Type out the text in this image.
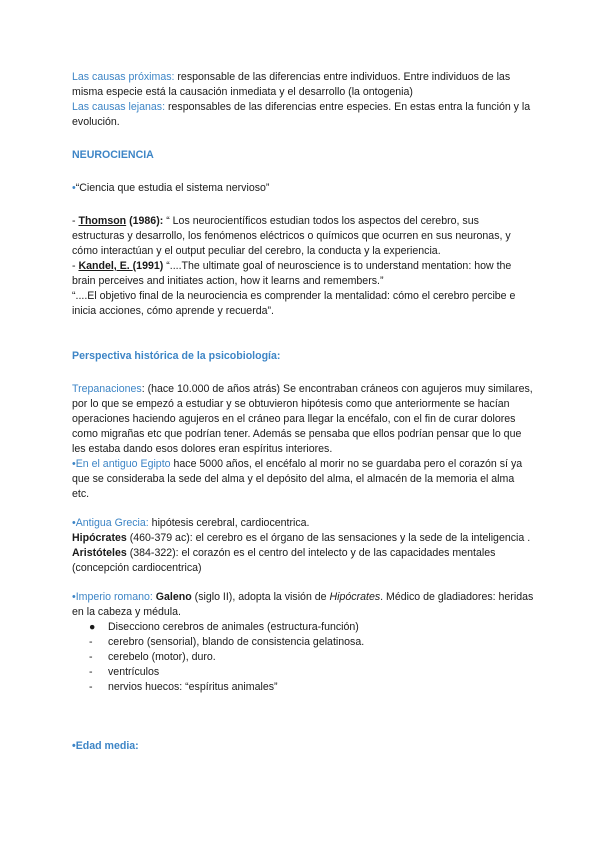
Las causas próximas: responsable de las diferencias entre individuos. Entre individuos de las misma especie está la causación inmediata y el desarrollo (la ontogenia)

Las causas lejanas: responsables de las diferencias entre especies. En estas entra la función y la evolución.

NEUROCIENCIA

•“Ciencia que estudia el sistema nervioso”

- Thomson (1986): “ Los neurocientíficos estudian todos los aspectos del cerebro, sus estructuras y desarrollo, los fenómenos eléctricos o químicos que ocurren en sus neuronas, y cómo interactúan y el output peculiar del cerebro, la conducta y la experiencia.

- Kandel, E. (1991) “....The ultimate goal of neuroscience is to understand mentation: how the brain perceives and initiates action, how it learns and remembers.”

“....El objetivo final de la neurociencia es comprender la mentalidad: cómo el cerebro percibe e inicia acciones, cómo aprende y recuerda”.

Perspectiva histórica de la psicobiología:

Trepanaciones: (hace 10.000 de años atrás) Se encontraban cráneos con agujeros muy similares, por lo que se empezó a estudiar y se obtuvieron hipótesis como que anteriormente se hacían operaciones haciendo agujeros en el cráneo para llegar la encéfalo, con el fin de curar dolores como migrañas etc que podrían tener. Además se pensaba que ellos podrían pensar que lo que les estaba dando esos dolores eran espíritus interiores.

•En el antiguo Egipto hace 5000 años, el encéfalo al morir no se guardaba pero el corazón sí ya que se consideraba la sede del alma y el depósito del alma, el almacén de la memoria el alma etc.

•Antigua Grecia: hipótesis cerebral, cardiocentrica.

Hipócrates (460-379 ac): el cerebro es el órgano de las sensaciones y la sede de la inteligencia .

Aristóteles (384-322): el corazón es el centro del intelecto y de las capacidades mentales (concepción cardiocentrica)

•Imperio romano: Galeno (siglo II), adopta la visión de Hipócrates. Médico de gladiadores: heridas en la cabeza y médula.

● Disecciono cerebros de animales (estructura-función)
- cerebro (sensorial), blando de consistencia gelatinosa.
- cerebelo (motor), duro.
- ventrículos
- nervios huecos: “espíritus animales”

•Edad media:
